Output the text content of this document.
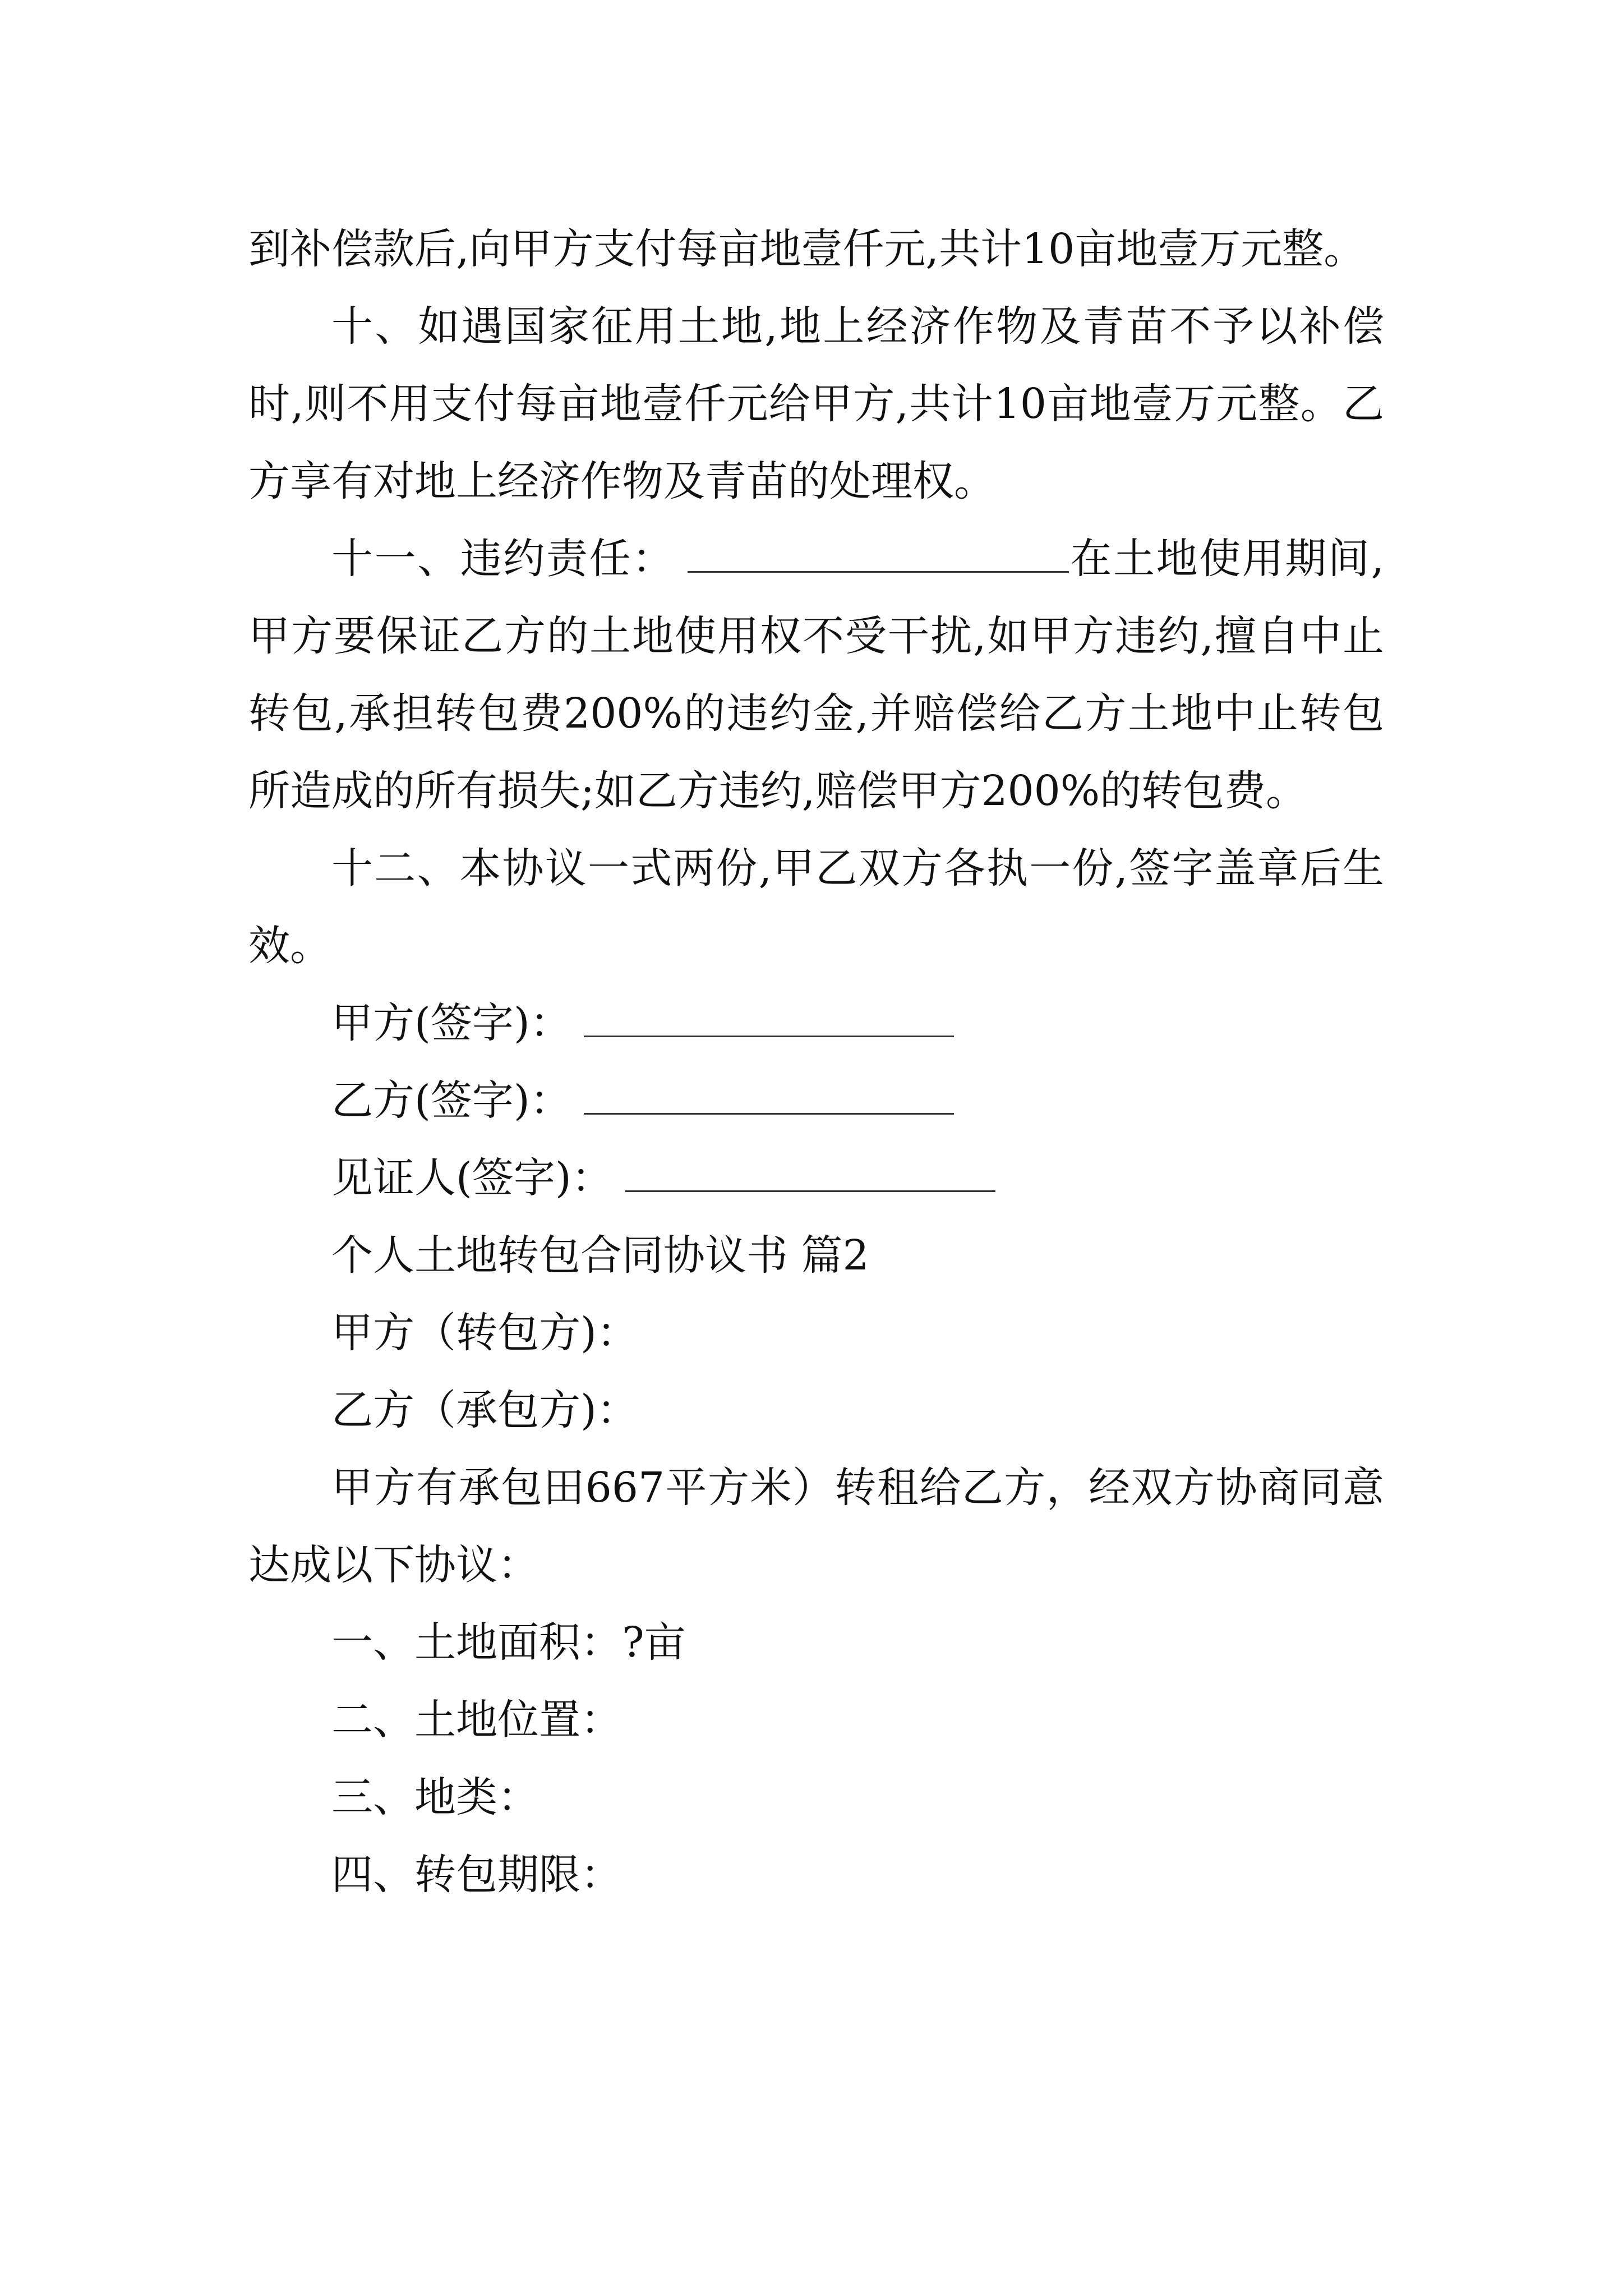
到补偿款后,向甲方支付每亩地壹仟元,共计10亩地壹万元整。

十、如遇国家征用土地,地上经济作物及青苗不予以补偿时,则不用支付每亩地壹仟元给甲方,共计10亩地壹万元整。乙方享有对地上经济作物及青苗的处理权。

十一、违约责任：	在土地使用期间,甲方要保证乙方的土地使用权不受干扰,如甲方违约,擅自中止转包,承担转包费200%的违约金,并赔偿给乙方土地中止转包所造成的所有损失;如乙方违约,赔偿甲方200%的转包费。

十二、本协议一式两份,甲乙双方各执一份,签字盖章后生效。

甲方(签字)：

乙方(签字)：

见证人(签字)：

个人土地转包合同协议书 篇2

甲方（转包方)：

乙方（承包方)：

甲方有承包田667平方米）转租给乙方，经双方协商同意达成以下协议：

一、土地面积：?亩

二、土地位置：

三、地类：

四、转包期限：
